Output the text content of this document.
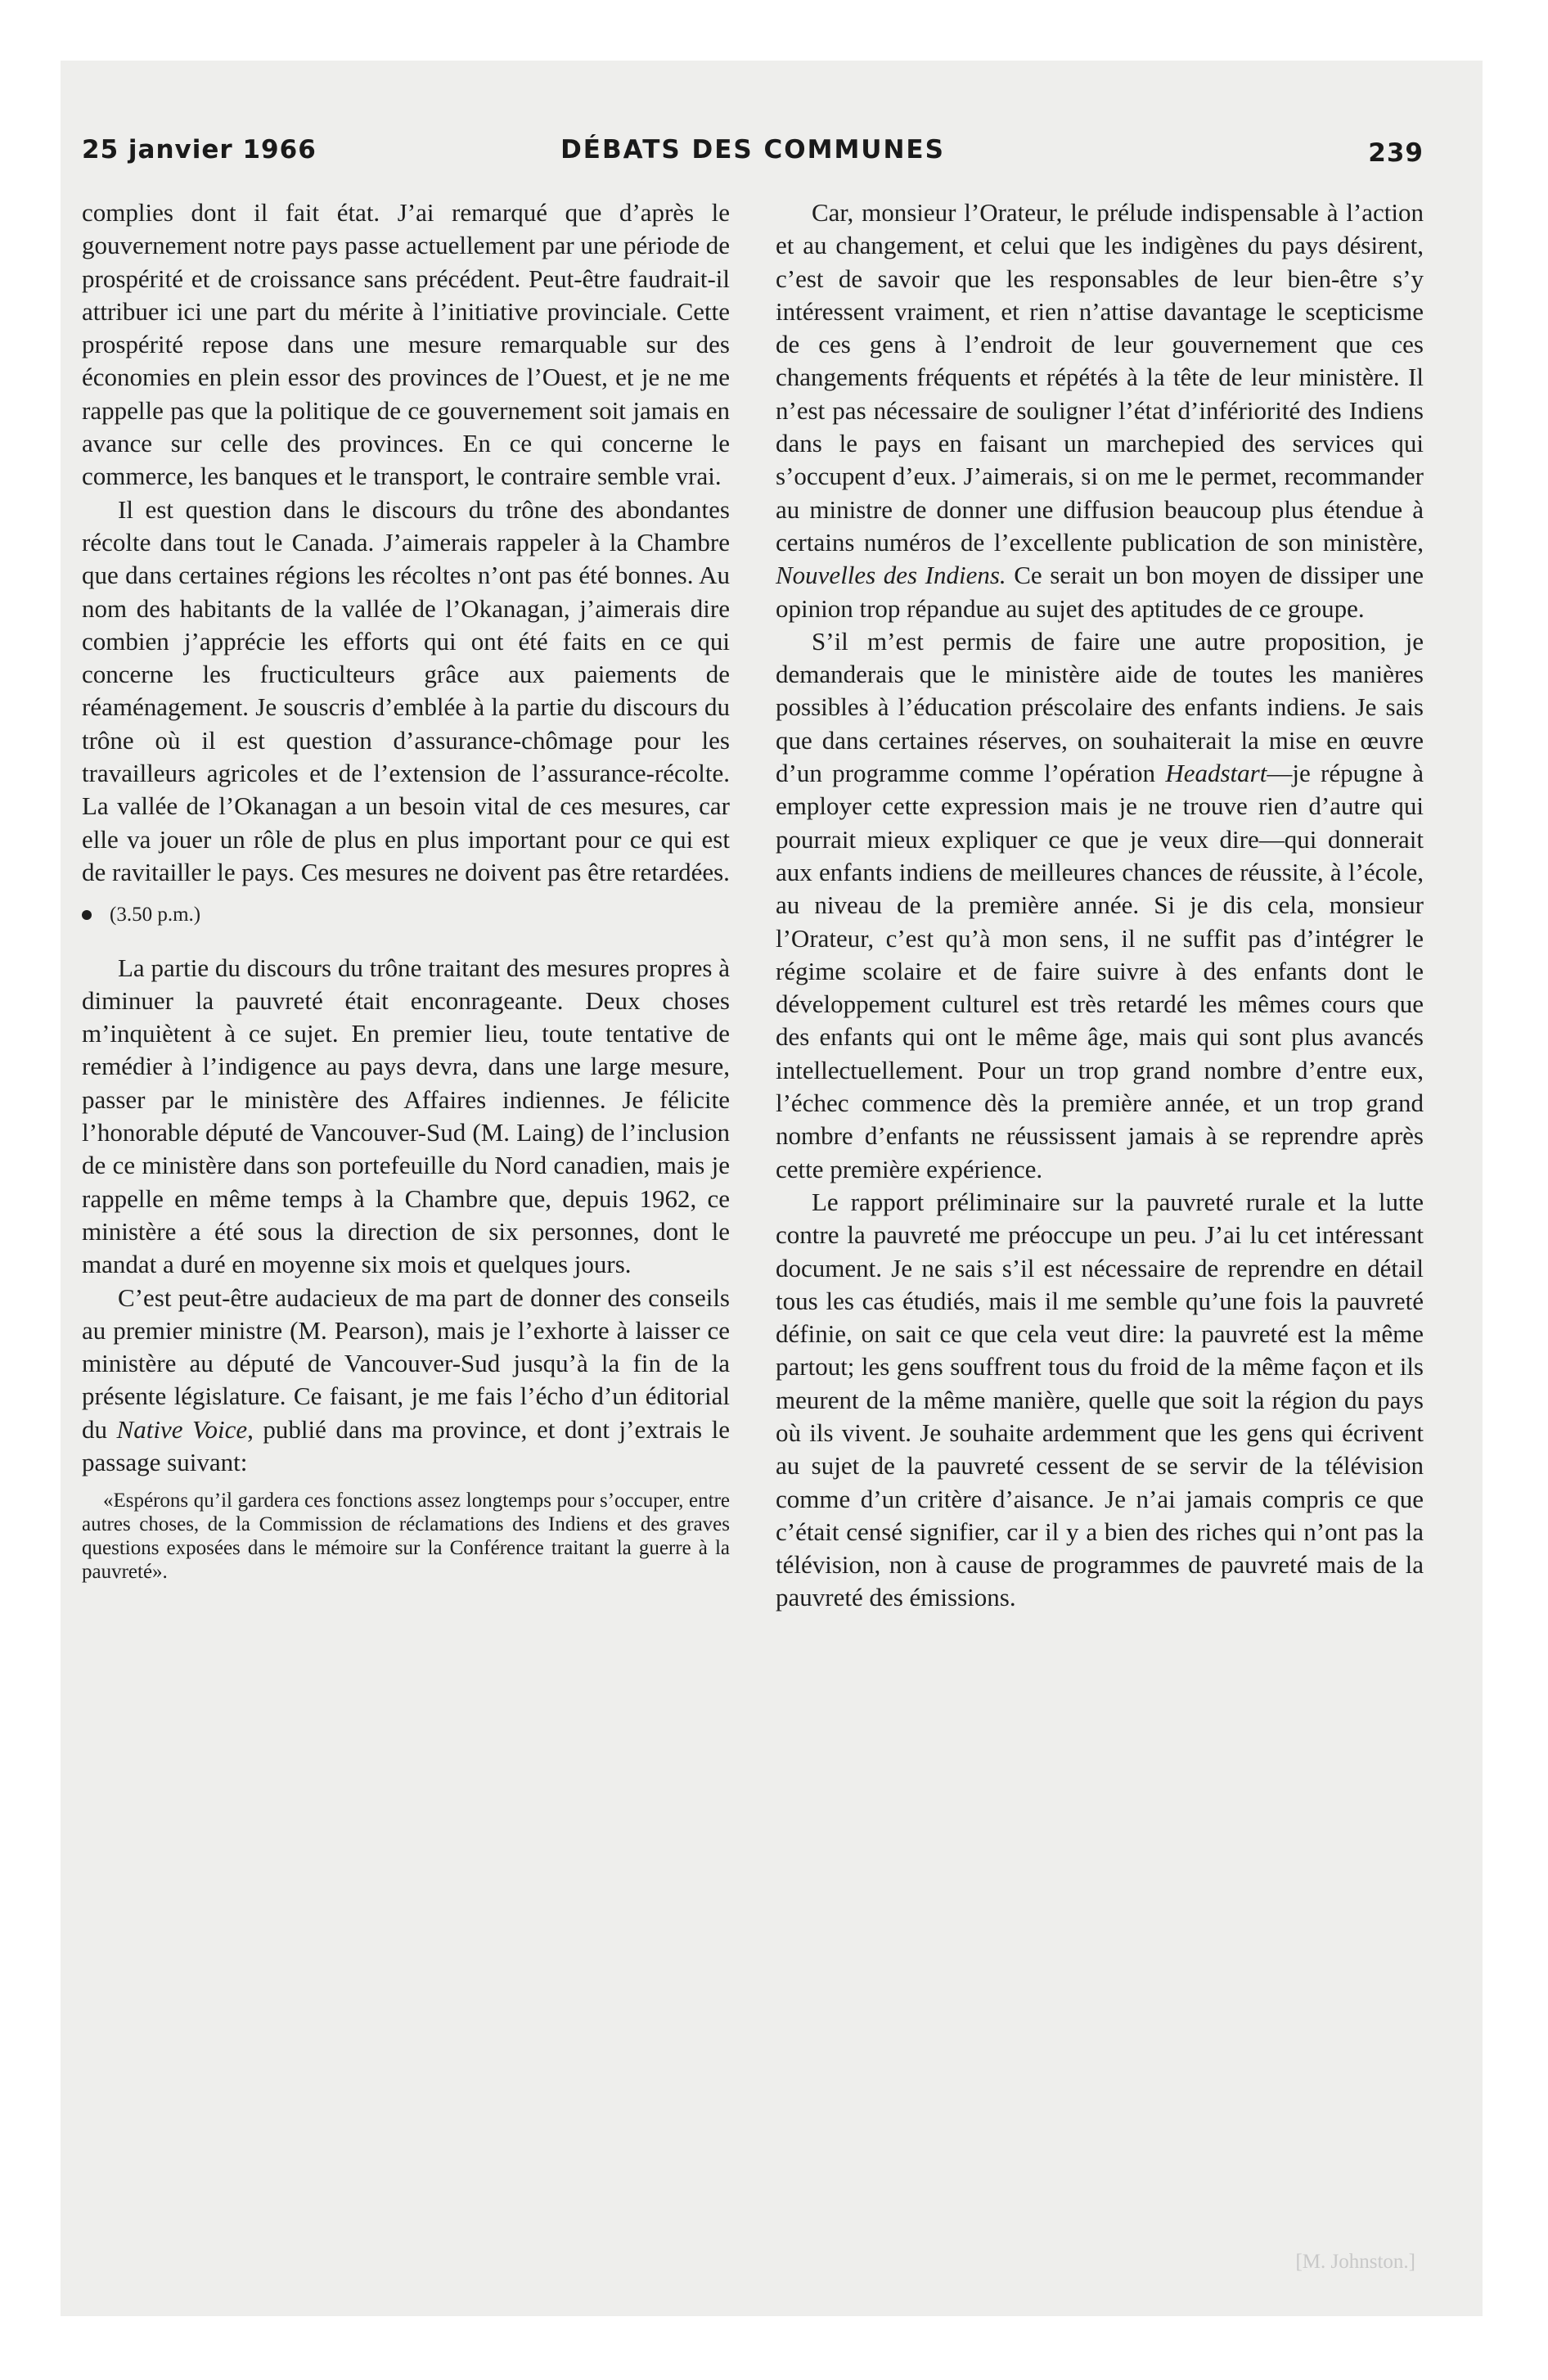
25 janvier 1966	DÉBATS DES COMMUNES	239

complies dont il fait état. J’ai remarqué que d’après le gouvernement notre pays passe actuellement par une période de prospérité et de croissance sans précédent. Peut-être faudrait-il attribuer ici une part du mérite à l’initiative provinciale. Cette prospérité repose dans une mesure remarquable sur des économies en plein essor des provinces de l’Ouest, et je ne me rappelle pas que la politique de ce gouvernement soit jamais en avance sur celle des provinces. En ce qui concerne le commerce, les banques et le transport, le contraire semble vrai.

Il est question dans le discours du trône des abondantes récolte dans tout le Canada. J’aimerais rappeler à la Chambre que dans certaines régions les récoltes n’ont pas été bonnes. Au nom des habitants de la vallée de l’Okanagan, j’aimerais dire combien j’apprécie les efforts qui ont été faits en ce qui concerne les fructiculteurs grâce aux paiements de réaménagement. Je souscris d’emblée à la partie du discours du trône où il est question d’assurance-chômage pour les travailleurs agricoles et de l’extension de l’assurance-récolte. La vallée de l’Okanagan a un besoin vital de ces mesures, car elle va jouer un rôle de plus en plus important pour ce qui est de ravitailler le pays. Ces mesures ne doivent pas être retardées.

(3.50 p.m.)

La partie du discours du trône traitant des mesures propres à diminuer la pauvreté était enconrageante. Deux choses m’inquiètent à ce sujet. En premier lieu, toute tentative de remédier à l’indigence au pays devra, dans une large mesure, passer par le ministère des Affaires indiennes. Je félicite l’honorable député de Vancouver-Sud (M. Laing) de l’inclusion de ce ministère dans son portefeuille du Nord canadien, mais je rappelle en même temps à la Chambre que, depuis 1962, ce ministère a été sous la direction de six personnes, dont le mandat a duré en moyenne six mois et quelques jours.

C’est peut-être audacieux de ma part de donner des conseils au premier ministre (M. Pearson), mais je l’exhorte à laisser ce ministère au député de Vancouver-Sud jusqu’à la fin de la présente législature. Ce faisant, je me fais l’écho d’un éditorial du Native Voice, publié dans ma province, et dont j’extrais le passage suivant:

«Espérons qu’il gardera ces fonctions assez longtemps pour s’occuper, entre autres choses, de la Commission de réclamations des Indiens et des graves questions exposées dans le mémoire sur la Conférence traitant la guerre à la pauvreté».

Car, monsieur l’Orateur, le prélude indispensable à l’action et au changement, et celui que les indigènes du pays désirent, c’est de savoir que les responsables de leur bien-être s’y intéressent vraiment, et rien n’attise davantage le scepticisme de ces gens à l’endroit de leur gouvernement que ces changements fréquents et répétés à la tête de leur ministère. Il n’est pas nécessaire de souligner l’état d’infériorité des Indiens dans le pays en faisant un marchepied des services qui s’occupent d’eux. J’aimerais, si on me le permet, recommander au ministre de donner une diffusion beaucoup plus étendue à certains numéros de l’excellente publication de son ministère, Nouvelles des Indiens. Ce serait un bon moyen de dissiper une opinion trop répandue au sujet des aptitudes de ce groupe.

S’il m’est permis de faire une autre proposition, je demanderais que le ministère aide de toutes les manières possibles à l’éducation préscolaire des enfants indiens. Je sais que dans certaines réserves, on souhaiterait la mise en œuvre d’un programme comme l’opération Headstart—je répugne à employer cette expression mais je ne trouve rien d’autre qui pourrait mieux expliquer ce que je veux dire—qui donnerait aux enfants indiens de meilleures chances de réussite, à l’école, au niveau de la première année. Si je dis cela, monsieur l’Orateur, c’est qu’à mon sens, il ne suffit pas d’intégrer le régime scolaire et de faire suivre à des enfants dont le développement culturel est très retardé les mêmes cours que des enfants qui ont le même âge, mais qui sont plus avancés intellectuellement. Pour un trop grand nombre d’entre eux, l’échec commence dès la première année, et un trop grand nombre d’enfants ne réussissent jamais à se reprendre après cette première expérience.

Le rapport préliminaire sur la pauvreté rurale et la lutte contre la pauvreté me préoccupe un peu. J’ai lu cet intéressant document. Je ne sais s’il est nécessaire de reprendre en détail tous les cas étudiés, mais il me semble qu’une fois la pauvreté définie, on sait ce que cela veut dire: la pauvreté est la même partout; les gens souffrent tous du froid de la même façon et ils meurent de la même manière, quelle que soit la région du pays où ils vivent. Je souhaite ardemment que les gens qui écrivent au sujet de la pauvreté cessent de se servir de la télévision comme d’un critère d’aisance. Je n’ai jamais compris ce que c’était censé signifier, car il y a bien des riches qui n’ont pas la télévision, non à cause de programmes de pauvreté mais de la pauvreté des émissions.

[M. Johnston.]
